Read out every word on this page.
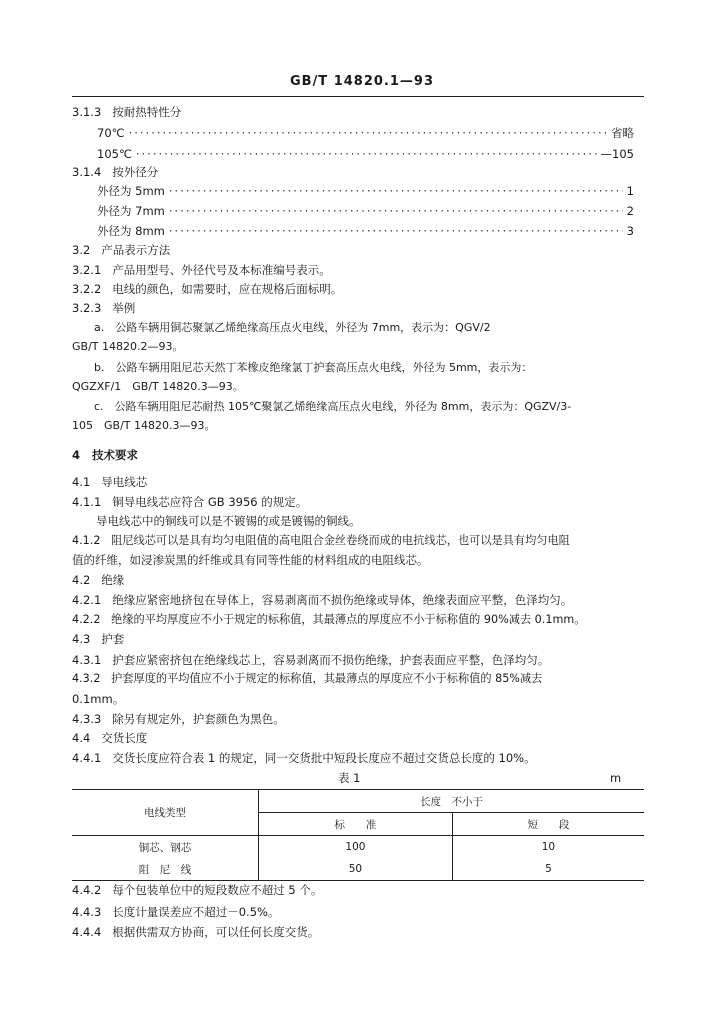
GB/T 14820.1—93
3.1.3 按耐热特性分
70℃ ·····	省略
105℃ ·····	—105
3.1.4 按外径分
外径为 5mm ·····	1
外径为 7mm ·····	2
外径为 8mm ·····	3
3.2 产品表示方法
3.2.1 产品用型号、外径代号及本标准编号表示。
3.2.2 电线的颜色，如需要时，应在规格后面标明。
3.2.3 举例
a.　公路车辆用铜芯聚氯乙烯绝缘高压点火电线，外径为 7mm，表示为：QGV/2
GB/T 14820.2—93。
b.　公路车辆用阻尼芯天然丁苯橡皮绝缘氯丁护套高压点火电线，外径为 5mm，表示为：
QGZXF/1　GB/T 14820.3—93。
c.　公路车辆用阻尼芯耐热 105℃聚氯乙烯绝缘高压点火电线，外径为 8mm，表示为：QGZV/3-
105　GB/T 14820.3—93。
4 技术要求
4.1 导电线芯
4.1.1 铜导电线芯应符合 GB 3956 的规定。
导电线芯中的铜线可以是不镀锡的或是镀锡的铜线。
4.1.2 阻尼线芯可以是具有均匀电阻值的高电阻合金丝卷绕而成的电抗线芯，也可以是具有均匀电阻
值的纤维，如浸渗炭黑的纤维或具有同等性能的材料组成的电阻线芯。
4.2 绝缘
4.2.1 绝缘应紧密地挤包在导体上，容易剥离而不损伤绝缘或导体，绝缘表面应平整，色泽均匀。
4.2.2 绝缘的平均厚度应不小于规定的标称值，其最薄点的厚度应不小于标称值的 90%减去 0.1mm。
4.3 护套
4.3.1 护套应紧密挤包在绝缘线芯上，容易剥离而不损伤绝缘，护套表面应平整，色泽均匀。
4.3.2 护套厚度的平均值应不小于规定的标称值，其最薄点的厚度应不小于标称值的 85%减去
0.1mm。
4.3.3 除另有规定外，护套颜色为黑色。
4.4 交货长度
4.4.1 交货长度应符合表 1 的规定，同一交货批中短段长度应不超过交货总长度的 10%。
表 1	m
电线类型	长度　不小于	
	标　　准	短　　段
铜芯、钢芯	100	10
阻　尼　线	50	5
4.4.2 每个包装单位中的短段数应不超过 5 个。
4.4.3 长度计量误差应不超过－0.5%。
4.4.4 根据供需双方协商，可以任何长度交货。
